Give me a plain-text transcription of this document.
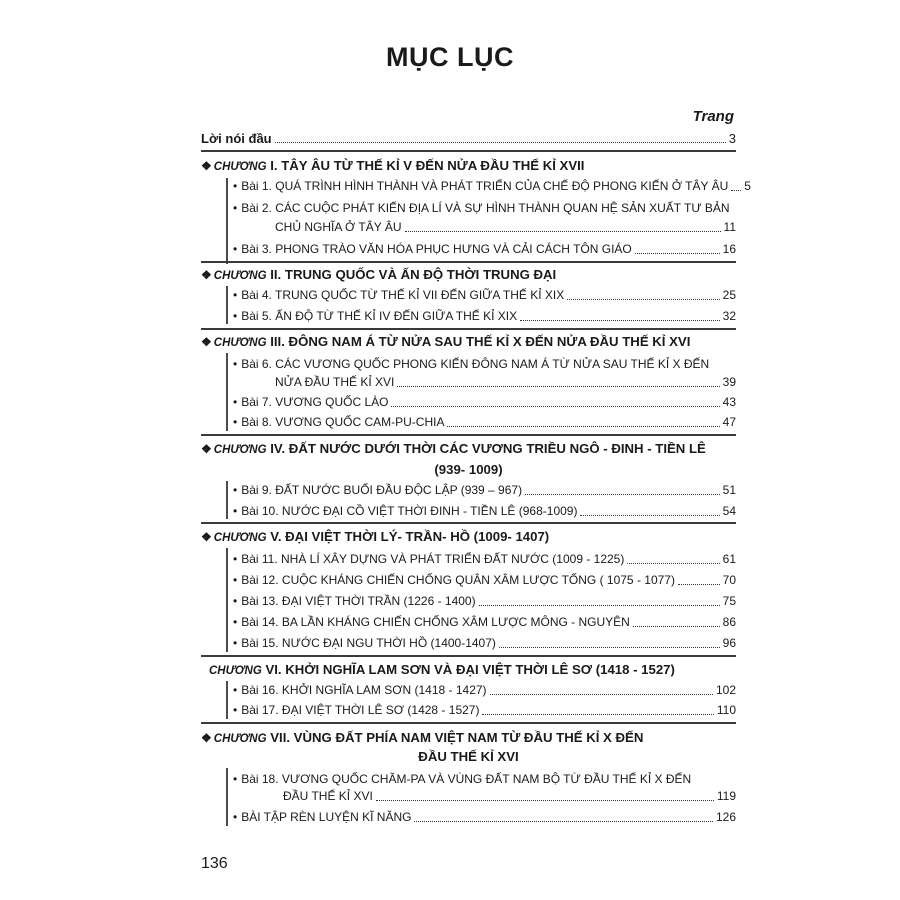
MỤC LỤC
Trang
Lời nói đầu	3
❖ CHƯƠNG I. TÂY ÂU TỪ THẾ KỈ V ĐẾN NỬA ĐẦU THẾ KỈ XVII
• Bài 1. QUÁ TRÌNH HÌNH THÀNH VÀ PHÁT TRIỂN CỦA CHẾ ĐỘ PHONG KIẾN Ở TÂY ÂU 5
• Bài 2. CÁC CUỘC PHÁT KIẾN ĐỊA LÍ VÀ SỰ HÌNH THÀNH QUAN HỆ SẢN XUẤT TƯ BẢN
CHỦ NGHĨA Ở TÂY ÂU	11
• Bài 3. PHONG TRÀO VĂN HÓA PHỤC HƯNG VÀ CẢI CÁCH TÔN GIÁO	16
❖ CHƯƠNG II. TRUNG QUỐC VÀ ẤN ĐỘ THỜI TRUNG ĐẠI
• Bài 4. TRUNG QUỐC TỪ THẾ KỈ VII ĐẾN GIỮA THẾ KỈ XIX	25
• Bài 5. ẤN ĐỘ TỪ THẾ KỈ IV ĐẾN GIỮA THẾ KỈ XIX	32
❖ CHƯƠNG III. ĐÔNG NAM Á TỪ NỬA SAU THẾ KỈ X ĐẾN NỬA ĐẦU THẾ KỈ XVI
• Bài 6. CÁC VƯƠNG QUỐC PHONG KIẾN ĐÔNG NAM Á TỪ NỬA SAU THẾ KỈ X ĐẾN
NỬA ĐẦU THẾ KỈ XVI	39
• Bài 7. VƯƠNG QUỐC LÀO	43
• Bài 8. VƯƠNG QUỐC CAM-PU-CHIA	47
❖ CHƯƠNG IV. ĐẤT NƯỚC DƯỚI THỜI CÁC VƯƠNG TRIỀU NGÔ - ĐINH - TIỀN LÊ
(939- 1009)
• Bài 9. ĐẤT NƯỚC BUỔI ĐẦU ĐỘC LẬP (939 – 967)	51
• Bài 10. NƯỚC ĐẠI CỒ VIỆT THỜI ĐINH - TIỀN LÊ (968-1009)	54
❖ CHƯƠNG V. ĐẠI VIỆT THỜI LÝ- TRẦN- HỒ (1009- 1407)
• Bài 11. NHÀ LÍ XÂY DỰNG VÀ PHÁT TRIỂN ĐẤT NƯỚC (1009 - 1225)	61
• Bài 12. CUỘC KHÁNG CHIẾN CHỐNG QUÂN XÂM LƯỢC TỐNG ( 1075 - 1077)	70
• Bài 13. ĐẠI VIỆT THỜI TRẦN (1226 - 1400)	75
• Bài 14. BA LẦN KHÁNG CHIẾN CHỐNG XÂM LƯỢC MÔNG - NGUYÊN	86
• Bài 15. NƯỚC ĐẠI NGU THỜI HỒ (1400-1407)	96
CHƯƠNG VI. KHỞI NGHĨA LAM SƠN VÀ ĐẠI VIỆT THỜI LÊ SƠ (1418 - 1527)
• Bài 16. KHỞI NGHĨA LAM SƠN (1418 - 1427)	102
• Bài 17. ĐẠI VIỆT THỜI LÊ SƠ (1428 - 1527)	110
❖ CHƯƠNG VII. VÙNG ĐẤT PHÍA NAM VIỆT NAM TỪ ĐẦU THẾ KỈ X ĐẾN
ĐẦU THẾ KỈ XVI
• Bài 18. VƯƠNG QUỐC CHĂM-PA VÀ VÙNG ĐẤT NAM BỘ TỪ ĐẦU THẾ KỈ X ĐẾN
ĐẦU THẾ KỈ XVI	119
• BÀI TẬP RÈN LUYỆN KĨ NĂNG	126
136
